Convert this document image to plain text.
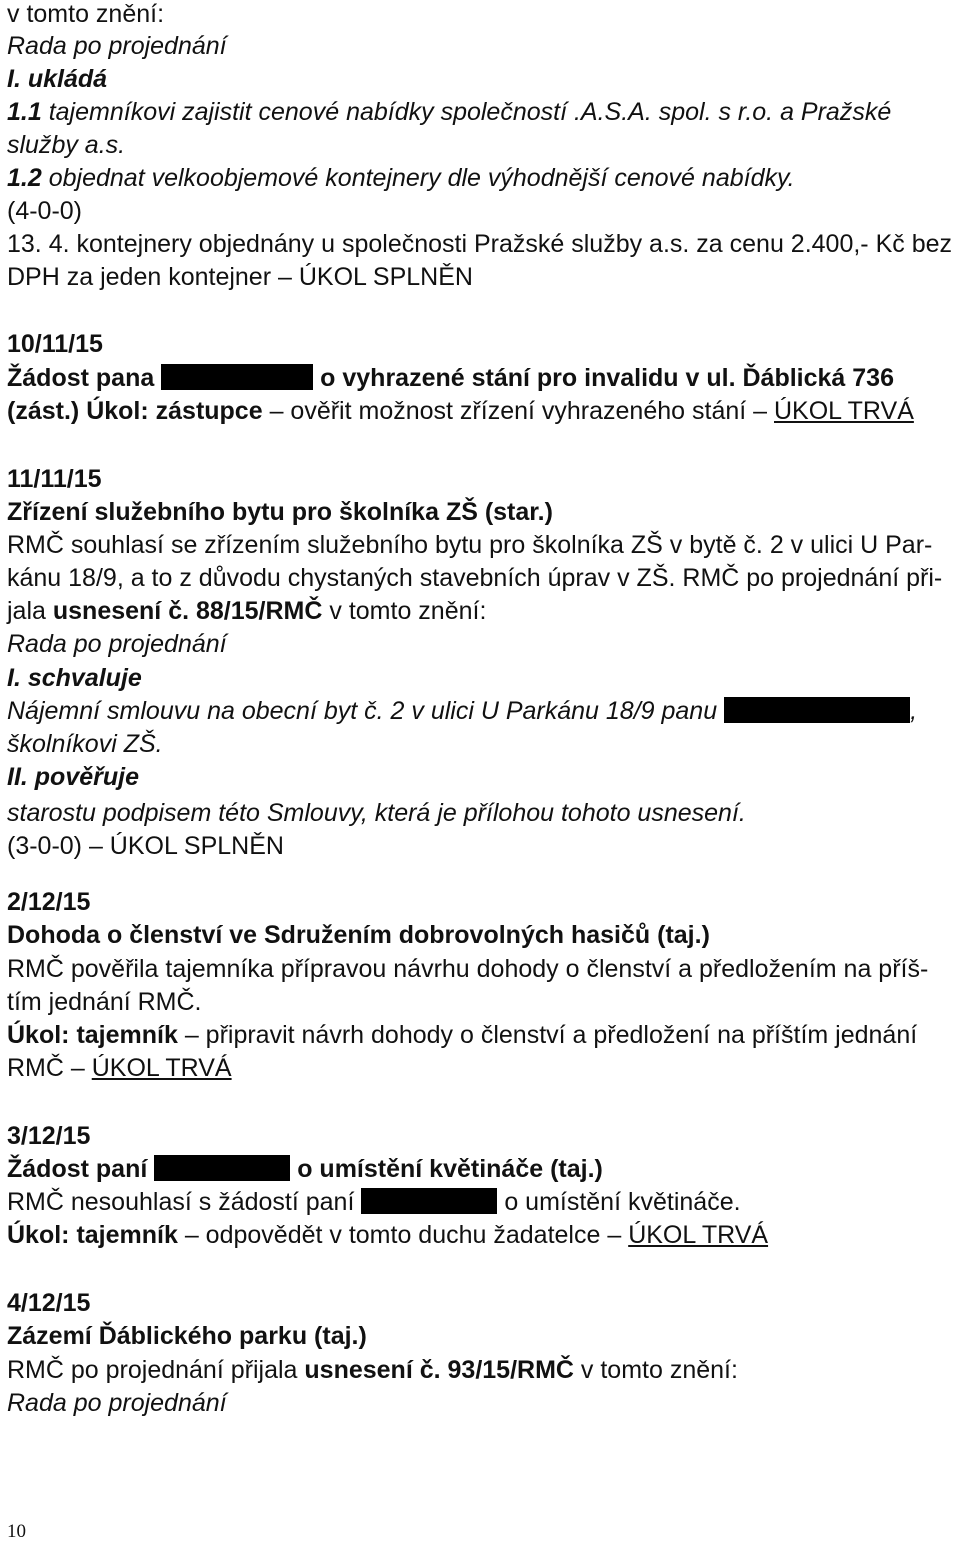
v tomto znění:
Rada po projednání
I. ukládá
1.1 tajemníkovi zajistit cenové nabídky společností .A.S.A. spol. s r.o. a Pražské
služby a.s.
1.2 objednat velkoobjemové kontejnery dle výhodnější cenové nabídky.
(4-0-0)
13. 4. kontejnery objednány u společnosti Pražské služby a.s. za cenu 2.400,- Kč bez
DPH za jeden kontejner – ÚKOL SPLNĚN
10/11/15
Žádost pana	o vyhrazené stání pro invalidu v ul. Ďáblická 736
(zást.) Úkol: zástupce – ověřit možnost zřízení vyhrazeného stání – ÚKOL TRVÁ
11/11/15
Zřízení služebního bytu pro školníka ZŠ (star.)
RMČ souhlasí se zřízením služebního bytu pro školníka ZŠ v bytě č. 2 v ulici U Par-
kánu 18/9, a to z důvodu chystaných stavebních úprav v ZŠ. RMČ po projednání při-
jala usnesení č. 88/15/RMČ v tomto znění:
Rada po projednání
I. schvaluje
Nájemní smlouvu na obecní byt č. 2 v ulici U Parkánu 18/9 panu	,
školníkovi ZŠ.
II. pověřuje
starostu podpisem této Smlouvy, která je přílohou tohoto usnesení.
(3-0-0) – ÚKOL SPLNĚN
2/12/15
Dohoda o členství ve Sdružením dobrovolných hasičů (taj.)
RMČ pověřila tajemníka přípravou návrhu dohody o členství a předložením na příš-
tím jednání RMČ.
Úkol: tajemník – připravit návrh dohody o členství a předložení na příštím jednání
RMČ – ÚKOL TRVÁ
3/12/15
Žádost paní	o umístění květináče (taj.)
RMČ nesouhlasí s žádostí paní	o umístění květináče.
Úkol: tajemník – odpovědět v tomto duchu žadatelce – ÚKOL TRVÁ
4/12/15
Zázemí Ďáblického parku (taj.)
RMČ po projednání přijala usnesení č. 93/15/RMČ v tomto znění:
Rada po projednání
10
